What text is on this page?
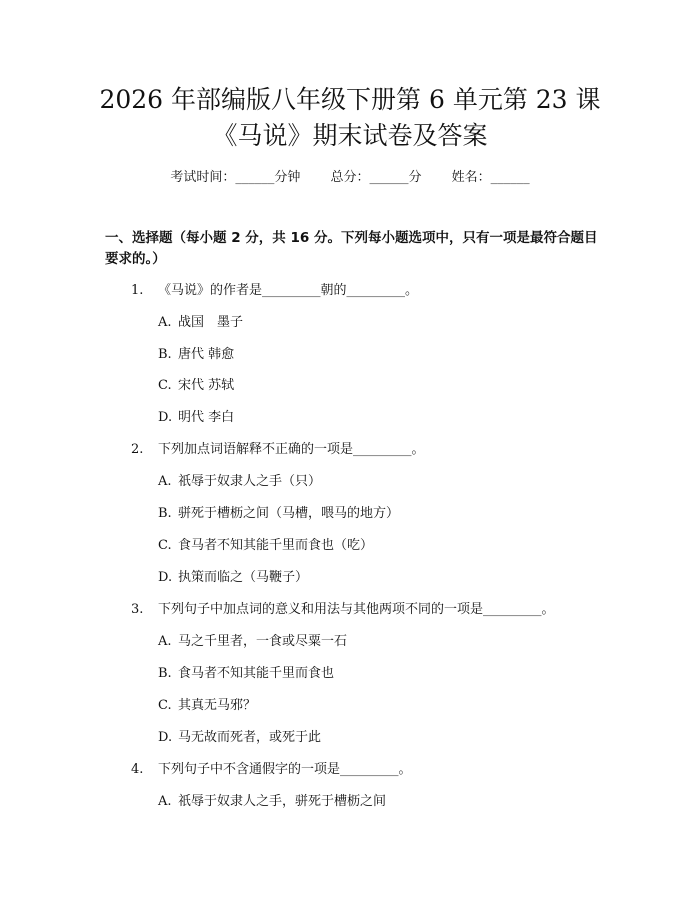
2026 年部编版八年级下册第 6 单元第 23 课
《马说》期末试卷及答案
考试时间：______分钟 总分：______分 姓名：______
一、选择题（每小题 2 分，共 16 分。下列每小题选项中，只有一项是最符合题目
要求的。）
1. 《马说》的作者是_________朝的_________。
A. 战国　墨子
B. 唐代 韩愈
C. 宋代 苏轼
D. 明代 李白
2. 下列加点词语解释不正确的一项是_________。
A. 祇辱于奴隶人之手（只）
B. 骈死于槽枥之间（马槽，喂马的地方）
C. 食马者不知其能千里而食也（吃）
D. 执策而临之（马鞭子）
3. 下列句子中加点词的意义和用法与其他两项不同的一项是_________。
A. 马之千里者，一食或尽粟一石
B. 食马者不知其能千里而食也
C. 其真无马邪？
D. 马无故而死者，或死于此
4. 下列句子中不含通假字的一项是_________。
A. 祇辱于奴隶人之手，骈死于槽枥之间
